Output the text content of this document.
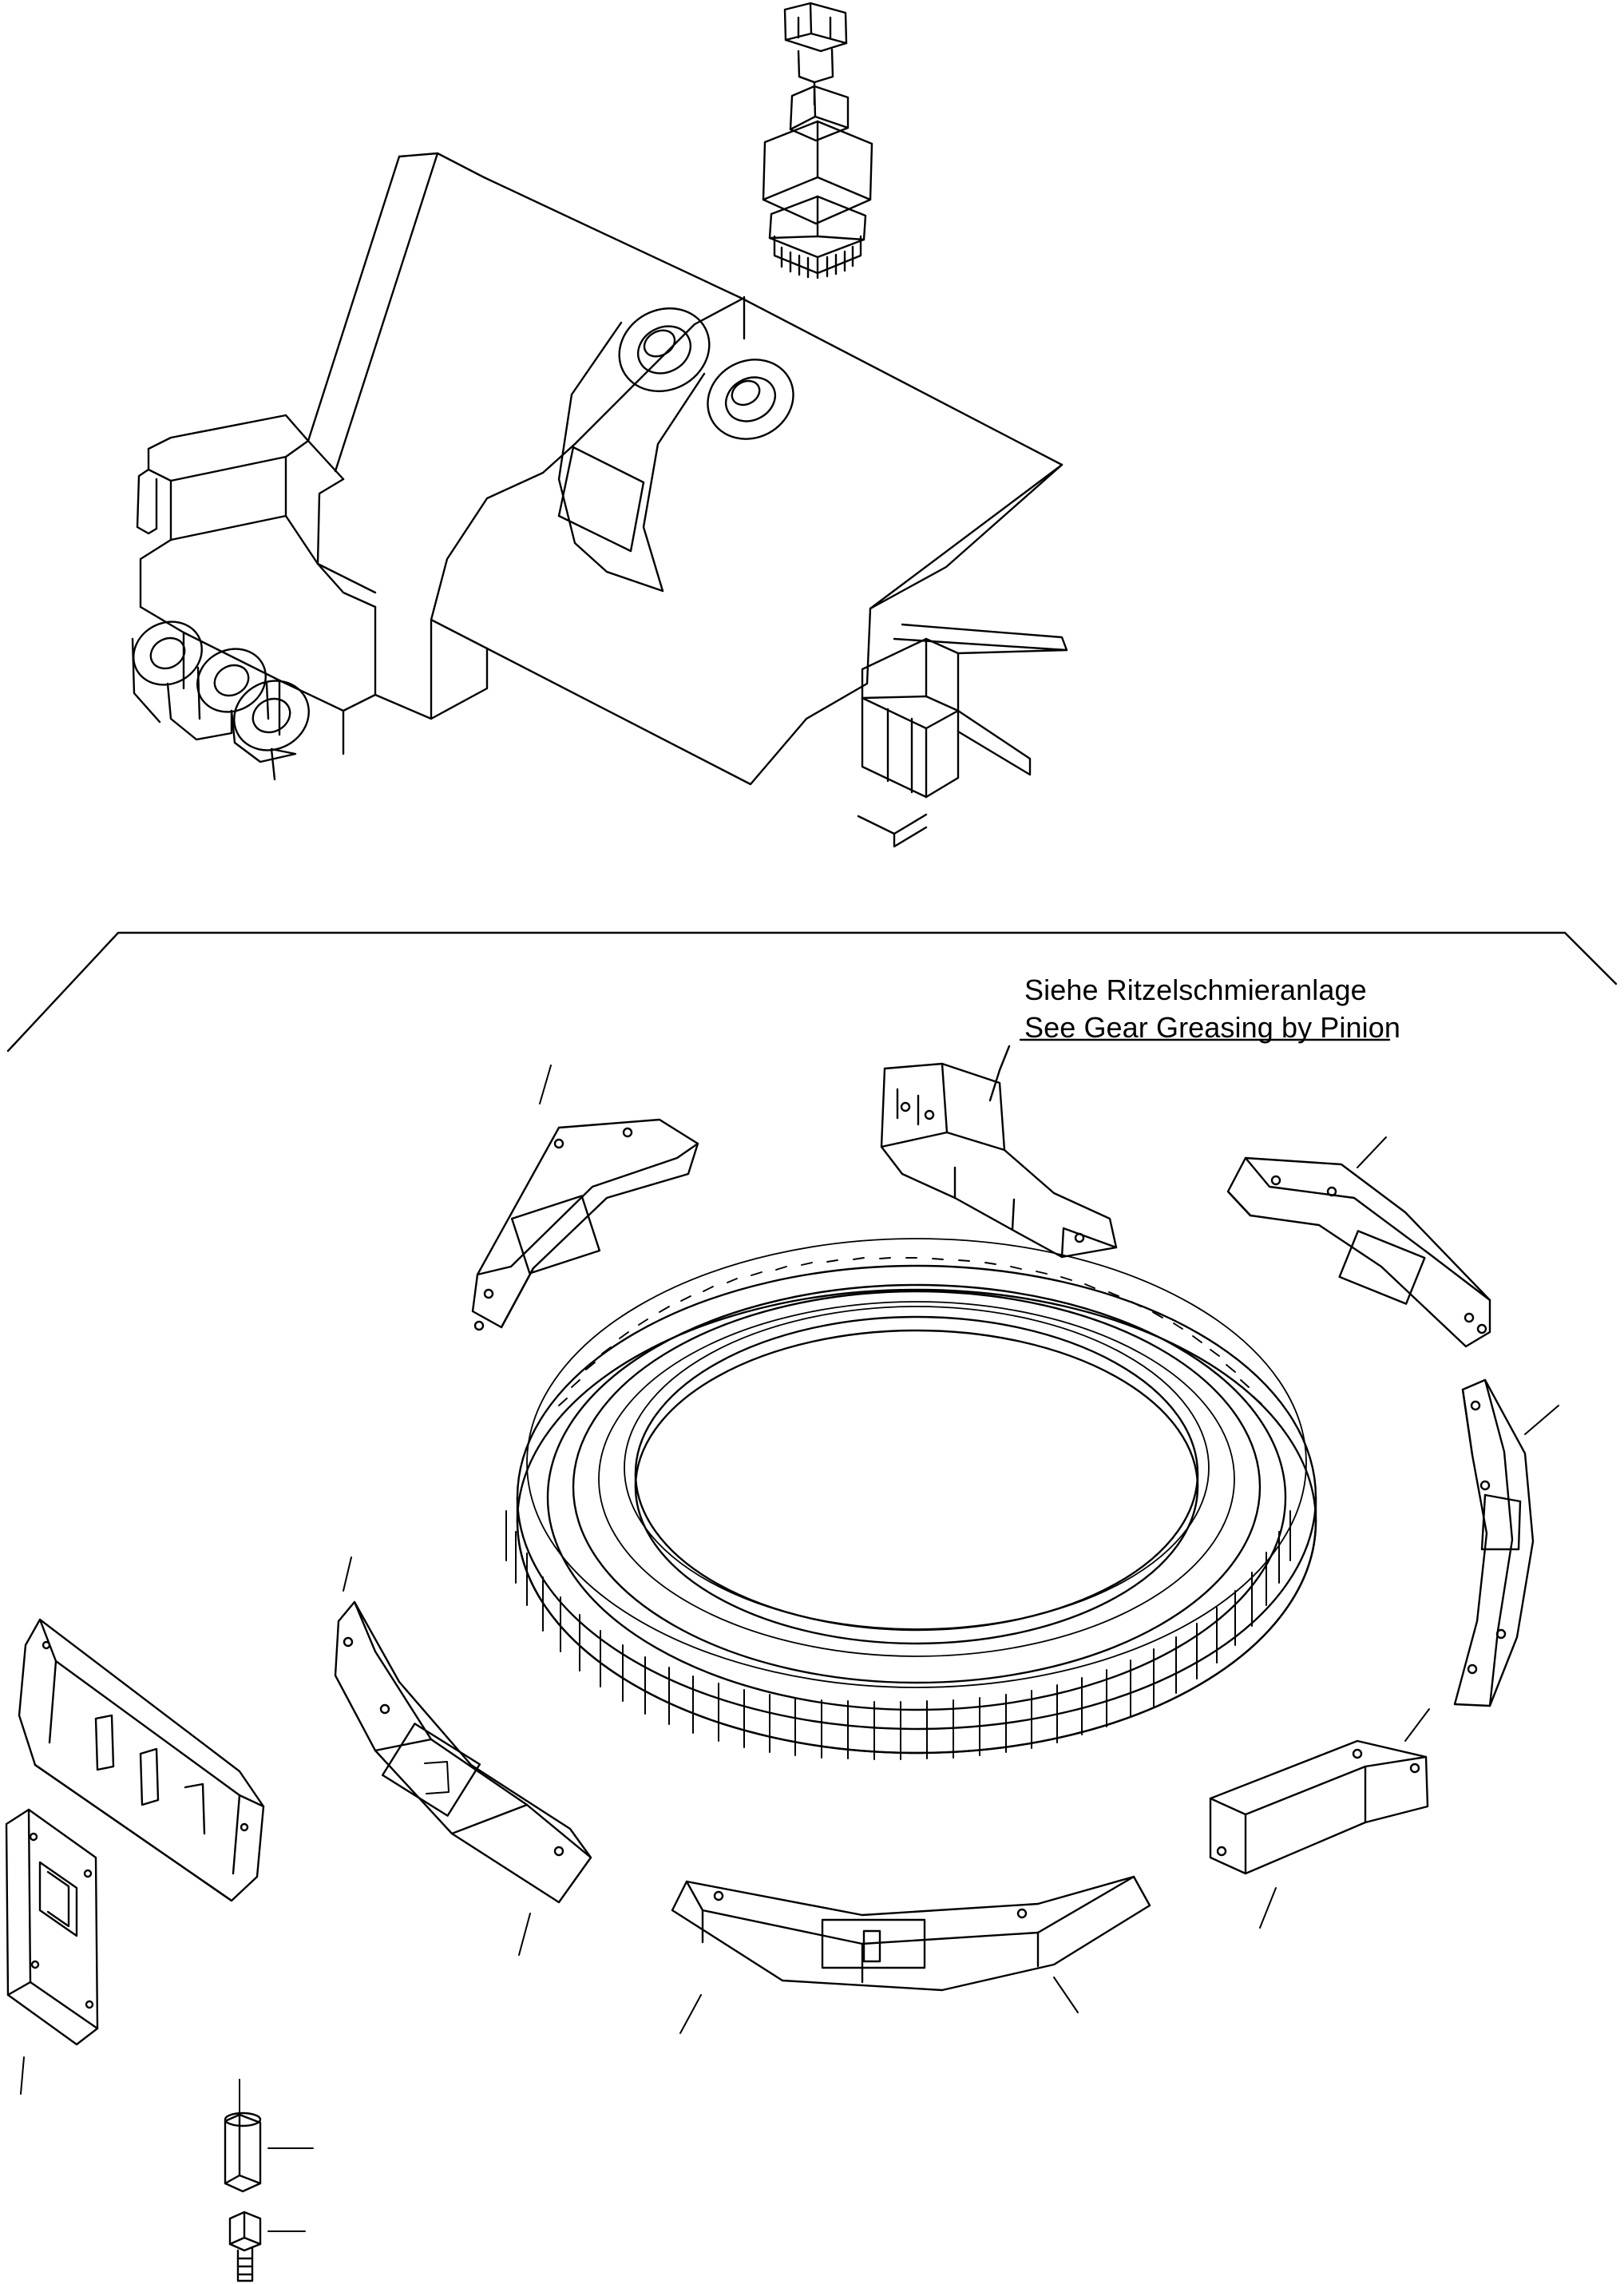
Siehe Ritzelschmieranlage
See Gear Greasing by Pinion
